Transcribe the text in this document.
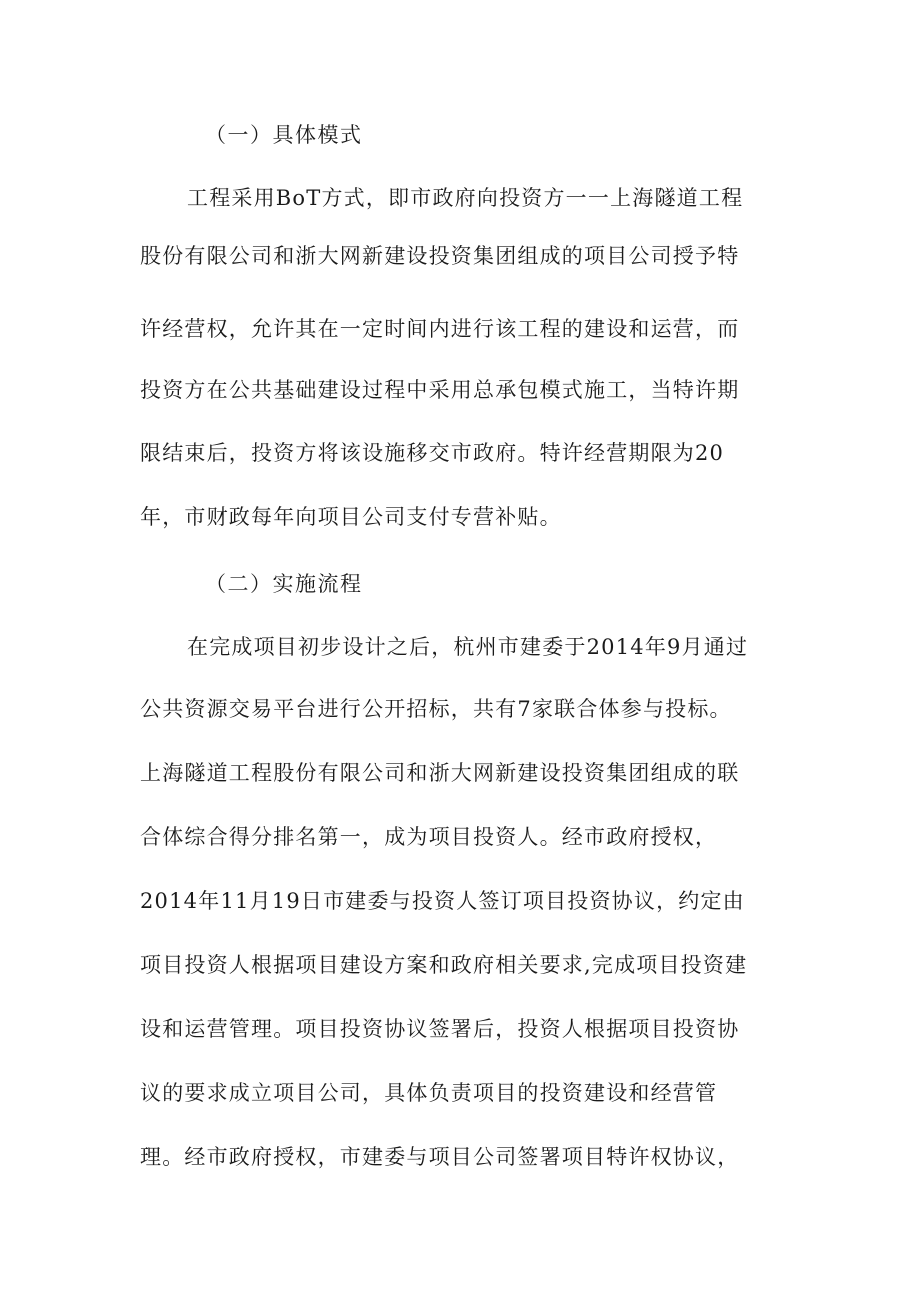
（一）具体模式
工程采用BoT方式，即市政府向投资方一一上海隧道工程
股份有限公司和浙大网新建设投资集团组成的项目公司授予特
许经营权，允许其在一定时间内进行该工程的建设和运营，而
投资方在公共基础建设过程中采用总承包模式施工，当特许期
限结束后，投资方将该设施移交市政府。特许经营期限为20
年，市财政每年向项目公司支付专营补贴。
（二）实施流程
在完成项目初步设计之后，杭州市建委于2014年9月通过
公共资源交易平台进行公开招标，共有7家联合体参与投标。
上海隧道工程股份有限公司和浙大网新建设投资集团组成的联
合体综合得分排名第一，成为项目投资人。经市政府授权，
2014年11月19日市建委与投资人签订项目投资协议，约定由
项目投资人根据项目建设方案和政府相关要求,完成项目投资建
设和运营管理。项目投资协议签署后，投资人根据项目投资协
议的要求成立项目公司，具体负责项目的投资建设和经营管
理。经市政府授权，市建委与项目公司签署项目特许权协议，
